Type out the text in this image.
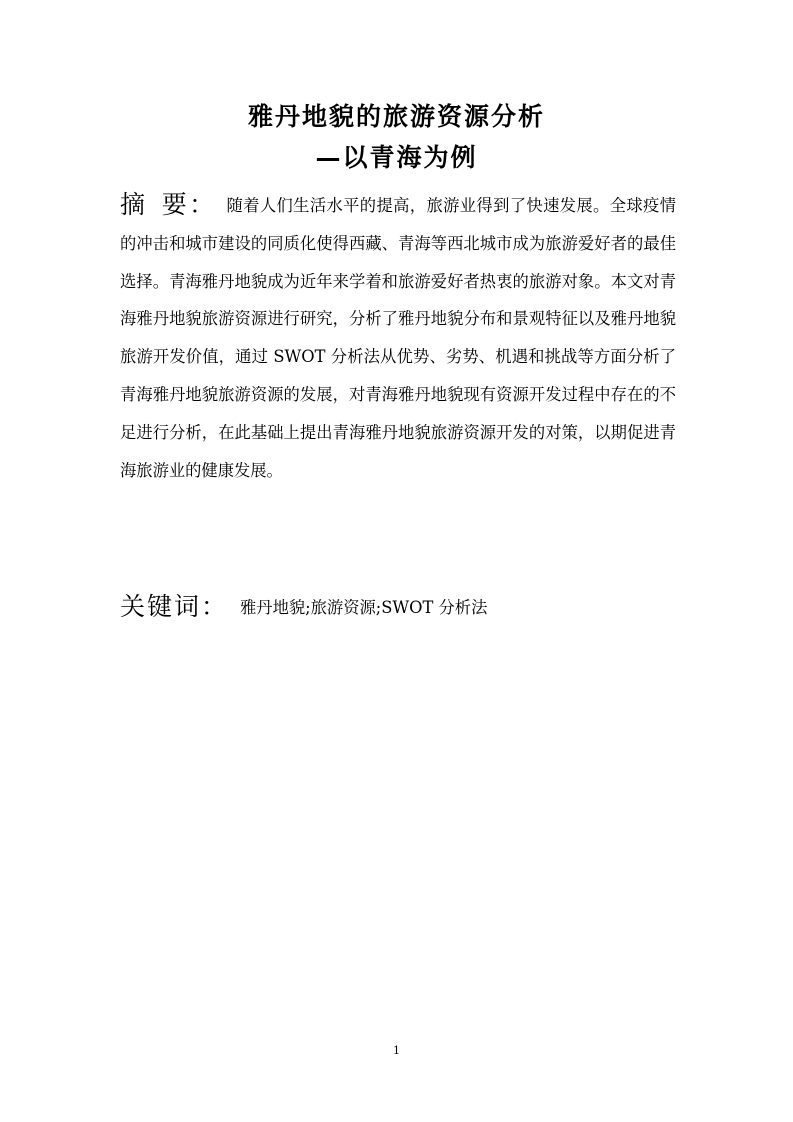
雅丹地貌的旅游资源分析
—以青海为例
摘 要： 随着人们生活水平的提高，旅游业得到了快速发展。全球疫情的冲击和城市建设的同质化使得西藏、青海等西北城市成为旅游爱好者的最佳选择。青海雅丹地貌成为近年来学着和旅游爱好者热衷的旅游对象。本文对青海雅丹地貌旅游资源进行研究，分析了雅丹地貌分布和景观特征以及雅丹地貌旅游开发价值，通过 SWOT 分析法从优势、劣势、机遇和挑战等方面分析了青海雅丹地貌旅游资源的发展，对青海雅丹地貌现有资源开发过程中存在的不足进行分析，在此基础上提出青海雅丹地貌旅游资源开发的对策，以期促进青海旅游业的健康发展。
关键词： 雅丹地貌;旅游资源;SWOT 分析法
1
